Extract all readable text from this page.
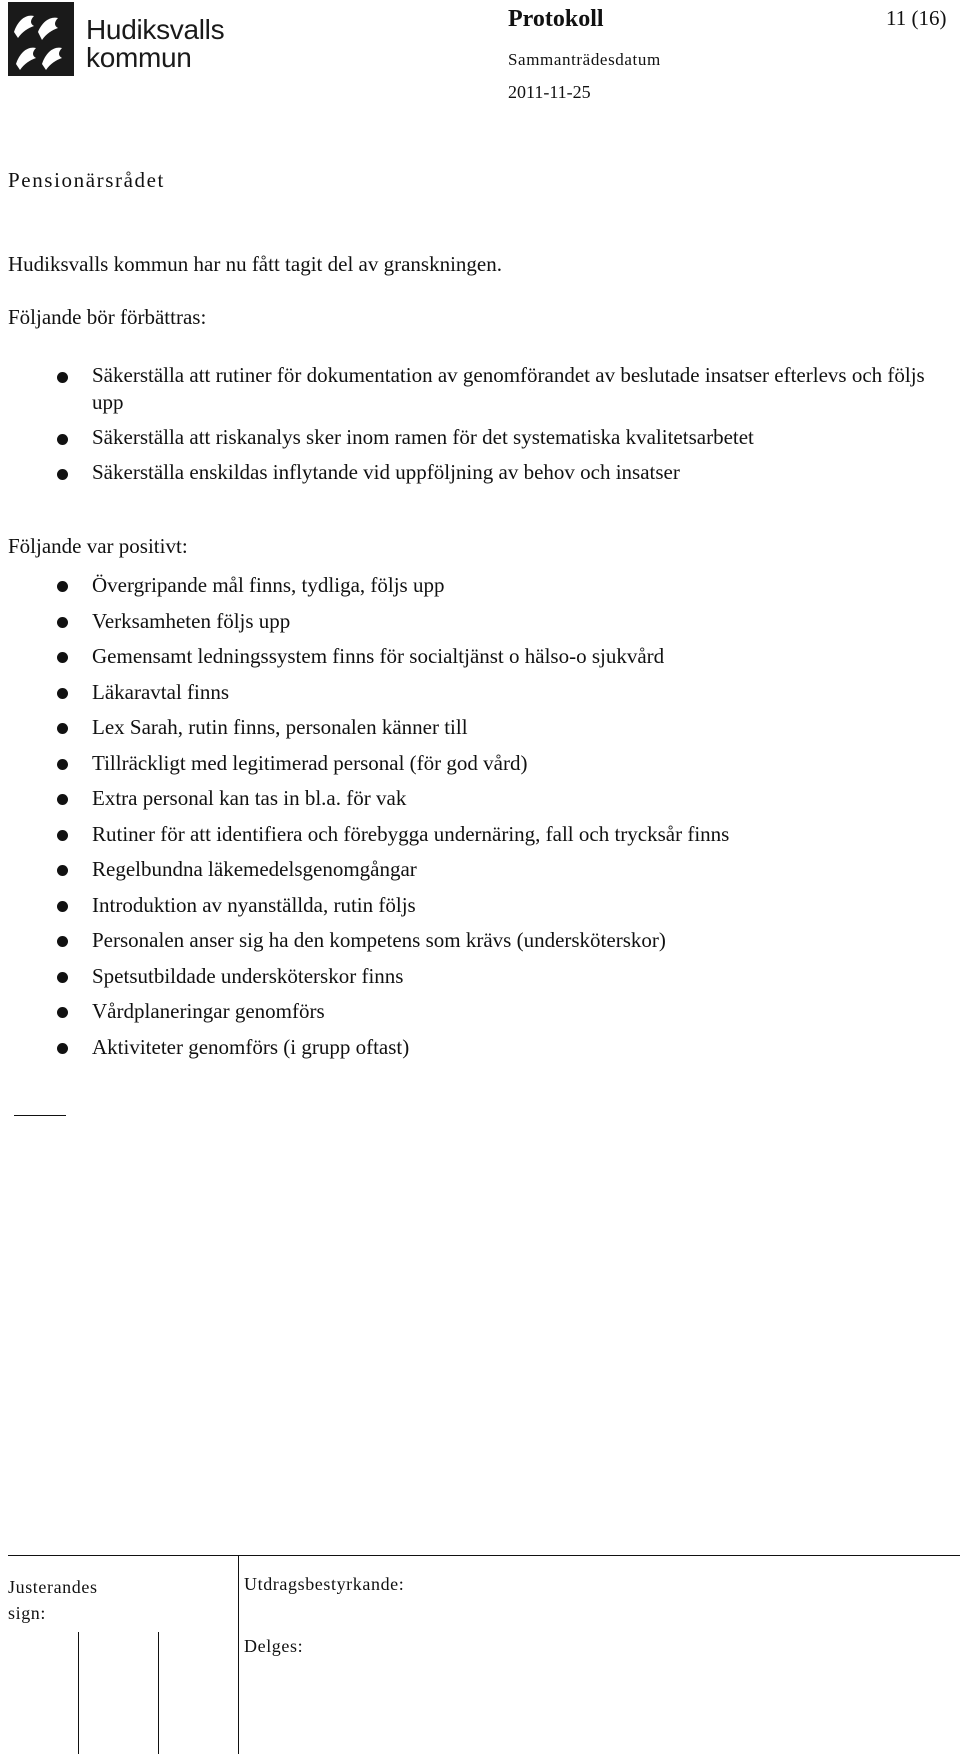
Hudiksvalls
kommun
Protokoll	11 (16)
Sammanträdesdatum
2011-11-25
Pensionärsrådet
Hudiksvalls kommun har nu fått tagit del av granskningen.
Följande bör förbättras:
Säkerställa att rutiner för dokumentation av genomförandet av beslutade insatser efterlevs och följs upp
Säkerställa att riskanalys sker inom ramen för det systematiska kvalitetsarbetet
Säkerställa enskildas inflytande vid uppföljning av behov och insatser
Följande var positivt:
Övergripande mål finns, tydliga, följs upp
Verksamheten följs upp
Gemensamt ledningssystem finns för socialtjänst o hälso-o sjukvård
Läkaravtal finns
Lex Sarah, rutin finns, personalen känner till
Tillräckligt med legitimerad personal (för god vård)
Extra personal kan tas in bl.a. för vak
Rutiner för att identifiera och förebygga undernäring, fall och trycksår finns
Regelbundna läkemedelsgenomgångar
Introduktion av nyanställda, rutin följs
Personalen anser sig ha den kompetens som krävs (undersköterskor)
Spetsutbildade undersköterskor finns
Vårdplaneringar genomförs
Aktiviteter genomförs (i grupp oftast)
Justerandes
sign:
Utdragsbestyrkande:
Delges:
